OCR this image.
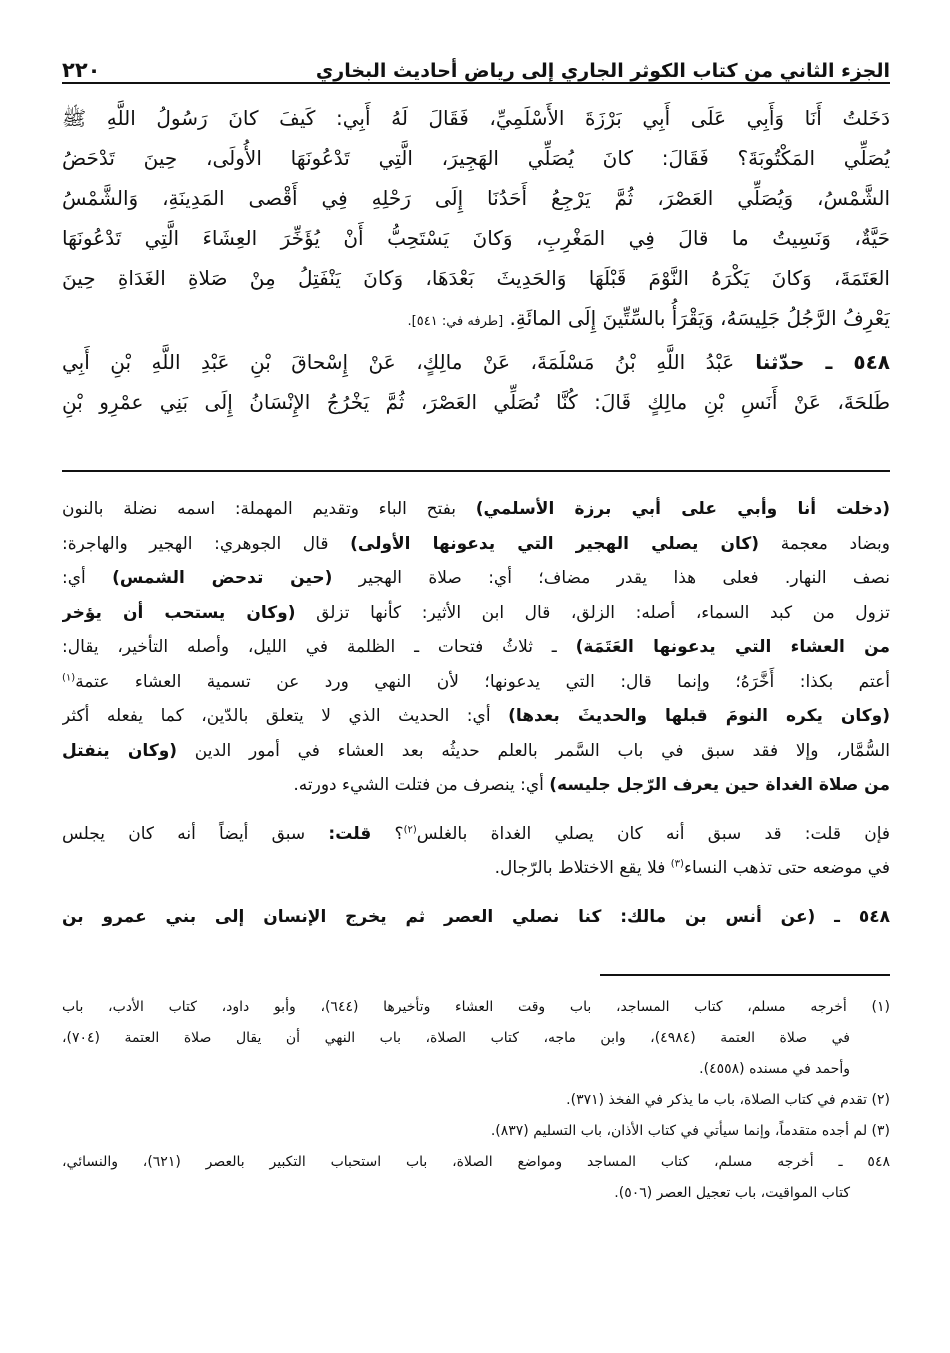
الجزء الثاني من كتاب الكوثر الجاري إلى رياض أحاديث البخاري
٢٢٠
دَخَلتُ أَنَا وَأَبِي عَلَى أَبِي بَرْزَةَ الأَسْلَمِيِّ، فَقَالَ لَهُ أَبِي: كَيفَ كانَ رَسُولُ اللَّهِ ﷺ
يُصَلِّي المَكْتُوبَةَ؟ فَقَالَ: كانَ يُصَلِّي الهَجِيرَ، الَّتِي تَدْعُونَهَا الأُولَى، حِينَ تَدْحَضُ
الشَّمْسُ، وَيُصَلِّي العَصْرَ، ثُمَّ يَرْجِعُ أَحَدُنَا إِلَى رَحْلِهِ فِي أَقْصى المَدِينَةِ، وَالشَّمْسُ
حَيَّةٌ، وَنَسِيتُ ما قالَ فِي المَغْرِبِ، وَكانَ يَسْتَحِبُّ أَنْ يُؤَخِّرَ العِشَاءَ الَّتِي تَدْعُونَهَا
العَتَمَةَ، وَكانَ يَكْرَهُ النَّوْمَ قَبْلَهَا وَالحَدِيثَ بَعْدَهَا، وَكانَ يَنْفَتِلُ مِنْ صَلاةِ الغَدَاةِ حِينَ
يَعْرِفُ الرَّجُلُ جَلِيسَهُ، وَيَقْرَأُ بالسِّتِّينَ إِلَى المائَةِ. [طرفه في: ٥٤١].
٥٤٨ ـ حدّثنا عَبْدُ اللَّهِ بْنُ مَسْلَمَةَ، عَنْ مالِكٍ، عَنْ إِسْحاقَ بْنِ عَبْدِ اللَّهِ بْنِ أَبِي
طَلحَةَ، عَنْ أَنَسِ بْنِ مالِكٍ قَالَ: كُنَّا نُصَلِّي العَصْرَ، ثُمَّ يَخْرُجُ الإِنْسَانُ إِلَى بَنِي عمْرِو بْنِ
(دخلت أنا وأبي على أبي برزة الأسلمي) بفتح الباء وتقديم المهملة: اسمه نضلة بالنون
وبضاد معجمة (كان يصلي الهجير التي يدعونها الأولى) قال الجوهري: الهجير والهاجرة:
نصف النهار. فعلى هذا يقدر مضاف؛ أي: صلاة الهجير (حين تدحض الشمس) أي:
تزول من كبد السماء، أصله: الزلق، قال ابن الأثير: كأنها تزلق (وكان يستحب أن يؤخر
من العشاء التي يدعونها العَتَمَة) ـ ثلاثُ فتحات ـ الظلمة في الليل، وأصله التأخير، يقال:
أعتم بكذا: أَخَّرَهُ؛ وإنما قال: التي يدعونها؛ لأن النهي ورد عن تسمية العشاء عتمة$^{(١)}$
(وكان يكره النومَ قبلها والحديثَ بعدها) أي: الحديث الذي لا يتعلق بالدّين، كما يفعله أكثر
السُّمَّار، وإلا فقد سبق في باب السَّمر بالعلم حديثُه بعد العشاء في أمور الدين (وكان ينفتل
من صلاة الغداة حين يعرف الرّجل جليسه) أي: ينصرف من فتلت الشيء دورته.
فإن قلت: قد سبق أنه كان يصلي الغداة بالغلس$^{(٢)}$؟ قلت: سبق أيضاً أنه كان يجلس
في موضعه حتى تذهب النساء$^{(٣)}$ فلا يقع الاختلاط بالرّجال.
٥٤٨ ـ (عن أنس بن مالك: كنا نصلي العصر ثم يخرج الإنسان إلى بني عمرو بن
(١) أخرجه مسلم، كتاب المساجد، باب وقت العشاء وتأخيرها (٦٤٤)، وأبو داود، كتاب الأدب، باب
في صلاة العتمة (٤٩٨٤)، وابن ماجه، كتاب الصلاة، باب النهي أن يقال صلاة العتمة (٧٠٤)،
وأحمد في مسنده (٤٥٥٨).
(٢) تقدم في كتاب الصلاة، باب ما يذكر في الفخذ (٣٧١).
(٣) لم أجده متقدماً، وإنما سيأتي في كتاب الأذان، باب التسليم (٨٣٧).
٥٤٨ ـ أخرجه مسلم، كتاب المساجد ومواضع الصلاة، باب استحباب التكبير بالعصر (٦٢١)، والنسائي،
كتاب المواقيت، باب تعجيل العصر (٥٠٦).
